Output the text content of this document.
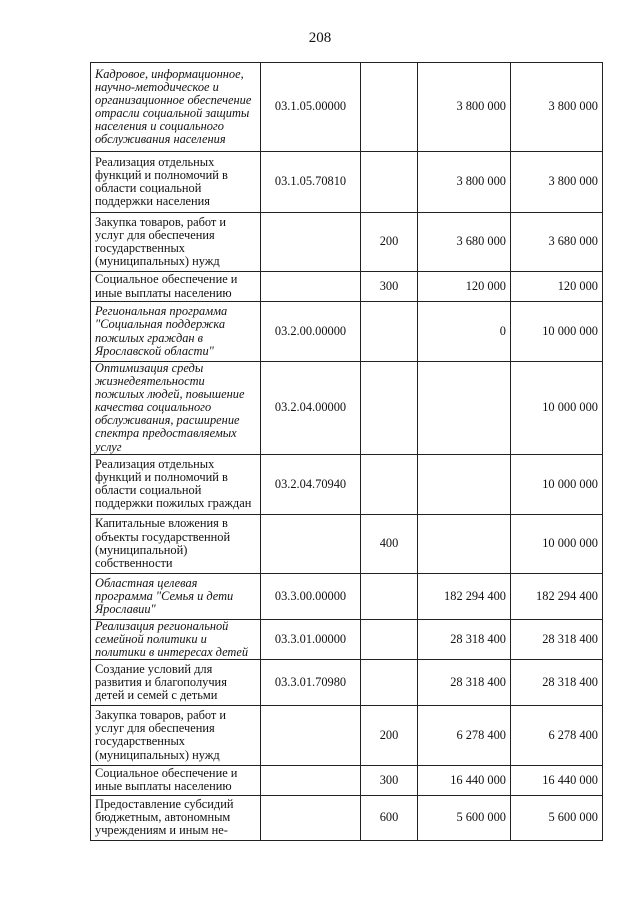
208
Кадровое, информационное, научно-методическое и организационное обеспечение отрасли социальной защиты населения и социального обслуживания населения	03.1.05.00000		3 800 000	3 800 000
Реализация отдельных функций и полномочий в области социальной поддержки населения	03.1.05.70810		3 800 000	3 800 000
Закупка товаров, работ и услуг для обеспечения государственных (муниципальных) нужд		200	3 680 000	3 680 000
Социальное обеспечение и иные выплаты населению		300	120 000	120 000
Региональная программа "Социальная поддержка пожилых граждан в Ярославской области"	03.2.00.00000		0	10 000 000
Оптимизация среды жизнедеятельности пожилых людей, повышение качества социального обслуживания, расширение спектра предоставляемых услуг	03.2.04.00000			10 000 000
Реализация отдельных функций и полномочий в области социальной поддержки пожилых граждан	03.2.04.70940			10 000 000
Капитальные вложения в объекты государственной (муниципальной) собственности		400		10 000 000
Областная целевая программа "Семья и дети Ярославии"	03.3.00.00000		182 294 400	182 294 400
Реализация региональной семейной политики и политики в интересах детей	03.3.01.00000		28 318 400	28 318 400
Создание условий для развития и благополучия детей и семей с детьми	03.3.01.70980		28 318 400	28 318 400
Закупка товаров, работ и услуг для обеспечения государственных (муниципальных) нужд		200	6 278 400	6 278 400
Социальное обеспечение и иные выплаты населению		300	16 440 000	16 440 000
Предоставление субсидий бюджетным, автономным учреждениям и иным не-		600	5 600 000	5 600 000
